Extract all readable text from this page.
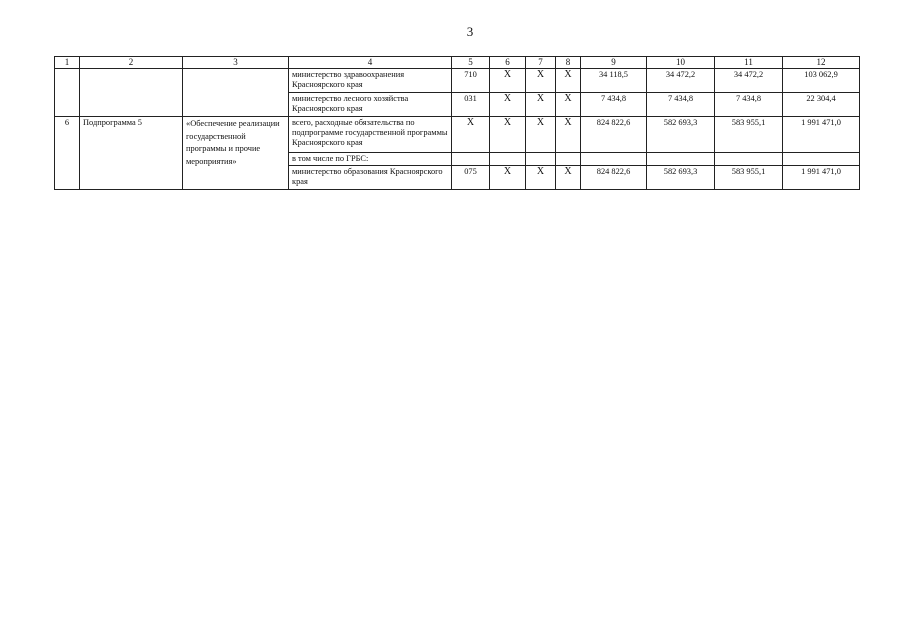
3
1	2	3	4	5	6	7	8	9	10	11	12
			министерство здравоохранения Красноярского края	710	Х	Х	Х	34 118,5	34 472,2	34 472,2	103 062,9
			министерство лесного хозяйства Красноярского края	031	Х	Х	Х	7 434,8	7 434,8	7 434,8	22 304,4
6	Подпрограмма 5	«Обеспечение реализации государственной программы и прочие мероприятия»	всего, расходные обязательства по подпрограмме государственной программы Красноярского края	Х	Х	Х	Х	824 822,6	582 693,3	583 955,1	1 991 471,0
			в том числе по ГРБС:								
			министерство образования Красноярского края	075	Х	Х	Х	824 822,6	582 693,3	583 955,1	1 991 471,0
